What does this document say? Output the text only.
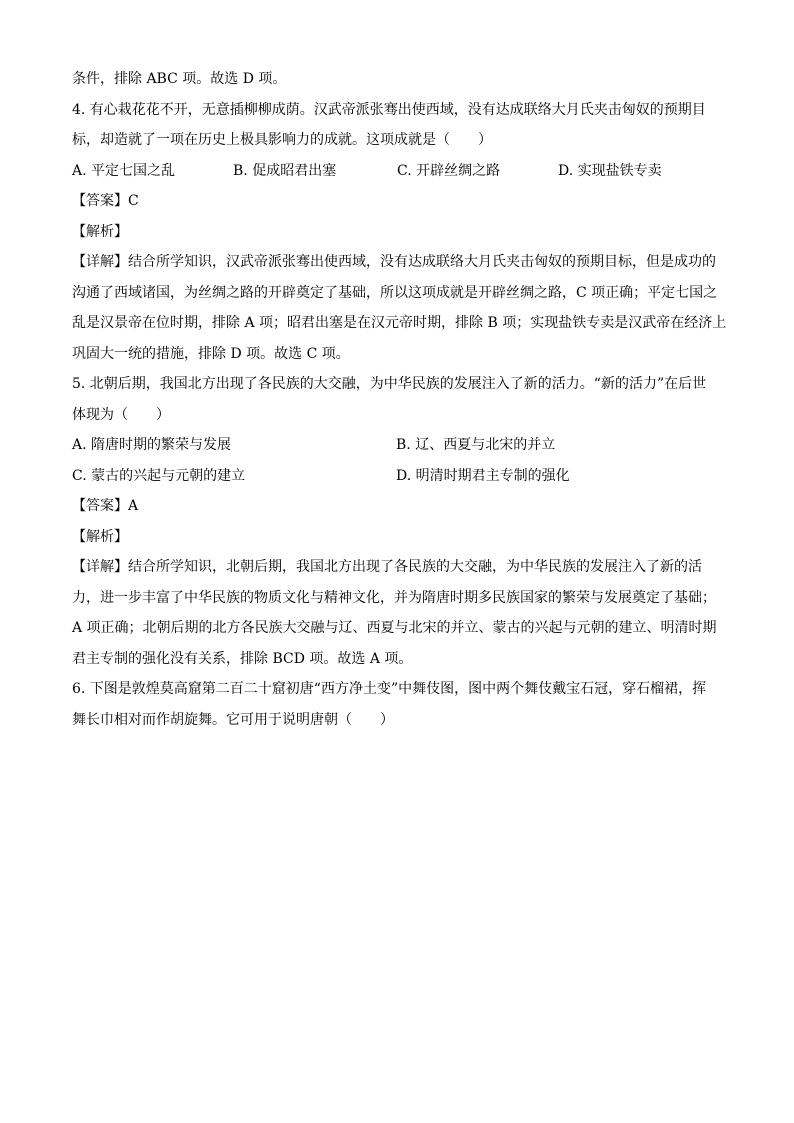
条件，排除 ABC 项。故选 D 项。
4. 有心栽花花不开，无意插柳柳成荫。汉武帝派张骞出使西域，没有达成联络大月氏夹击匈奴的预期目
标，却造就了一项在历史上极具影响力的成就。这项成就是（　　）
A. 平定七国之乱	B. 促成昭君出塞	C. 开辟丝绸之路	D. 实现盐铁专卖
【答案】C
【解析】
【详解】结合所学知识，汉武帝派张骞出使西域，没有达成联络大月氏夹击匈奴的预期目标，但是成功的
沟通了西域诸国，为丝绸之路的开辟奠定了基础，所以这项成就是开辟丝绸之路，C 项正确；平定七国之
乱是汉景帝在位时期，排除 A 项；昭君出塞是在汉元帝时期，排除 B 项；实现盐铁专卖是汉武帝在经济上
巩固大一统的措施，排除 D 项。故选 C 项。
5. 北朝后期，我国北方出现了各民族的大交融，为中华民族的发展注入了新的活力。“新的活力”在后世
体现为（　　）
A. 隋唐时期的繁荣与发展	B. 辽、西夏与北宋的并立
C. 蒙古的兴起与元朝的建立	D. 明清时期君主专制的强化
【答案】A
【解析】
【详解】结合所学知识，北朝后期，我国北方出现了各民族的大交融，为中华民族的发展注入了新的活
力，进一步丰富了中华民族的物质文化与精神文化，并为隋唐时期多民族国家的繁荣与发展奠定了基础；
A 项正确；北朝后期的北方各民族大交融与辽、西夏与北宋的并立、蒙古的兴起与元朝的建立、明清时期
君主专制的强化没有关系，排除 BCD 项。故选 A 项。
6. 下图是敦煌莫高窟第二百二十窟初唐“西方净土变”中舞伎图，图中两个舞伎戴宝石冠，穿石榴裙，挥
舞长巾相对而作胡旋舞。它可用于说明唐朝（　　）
